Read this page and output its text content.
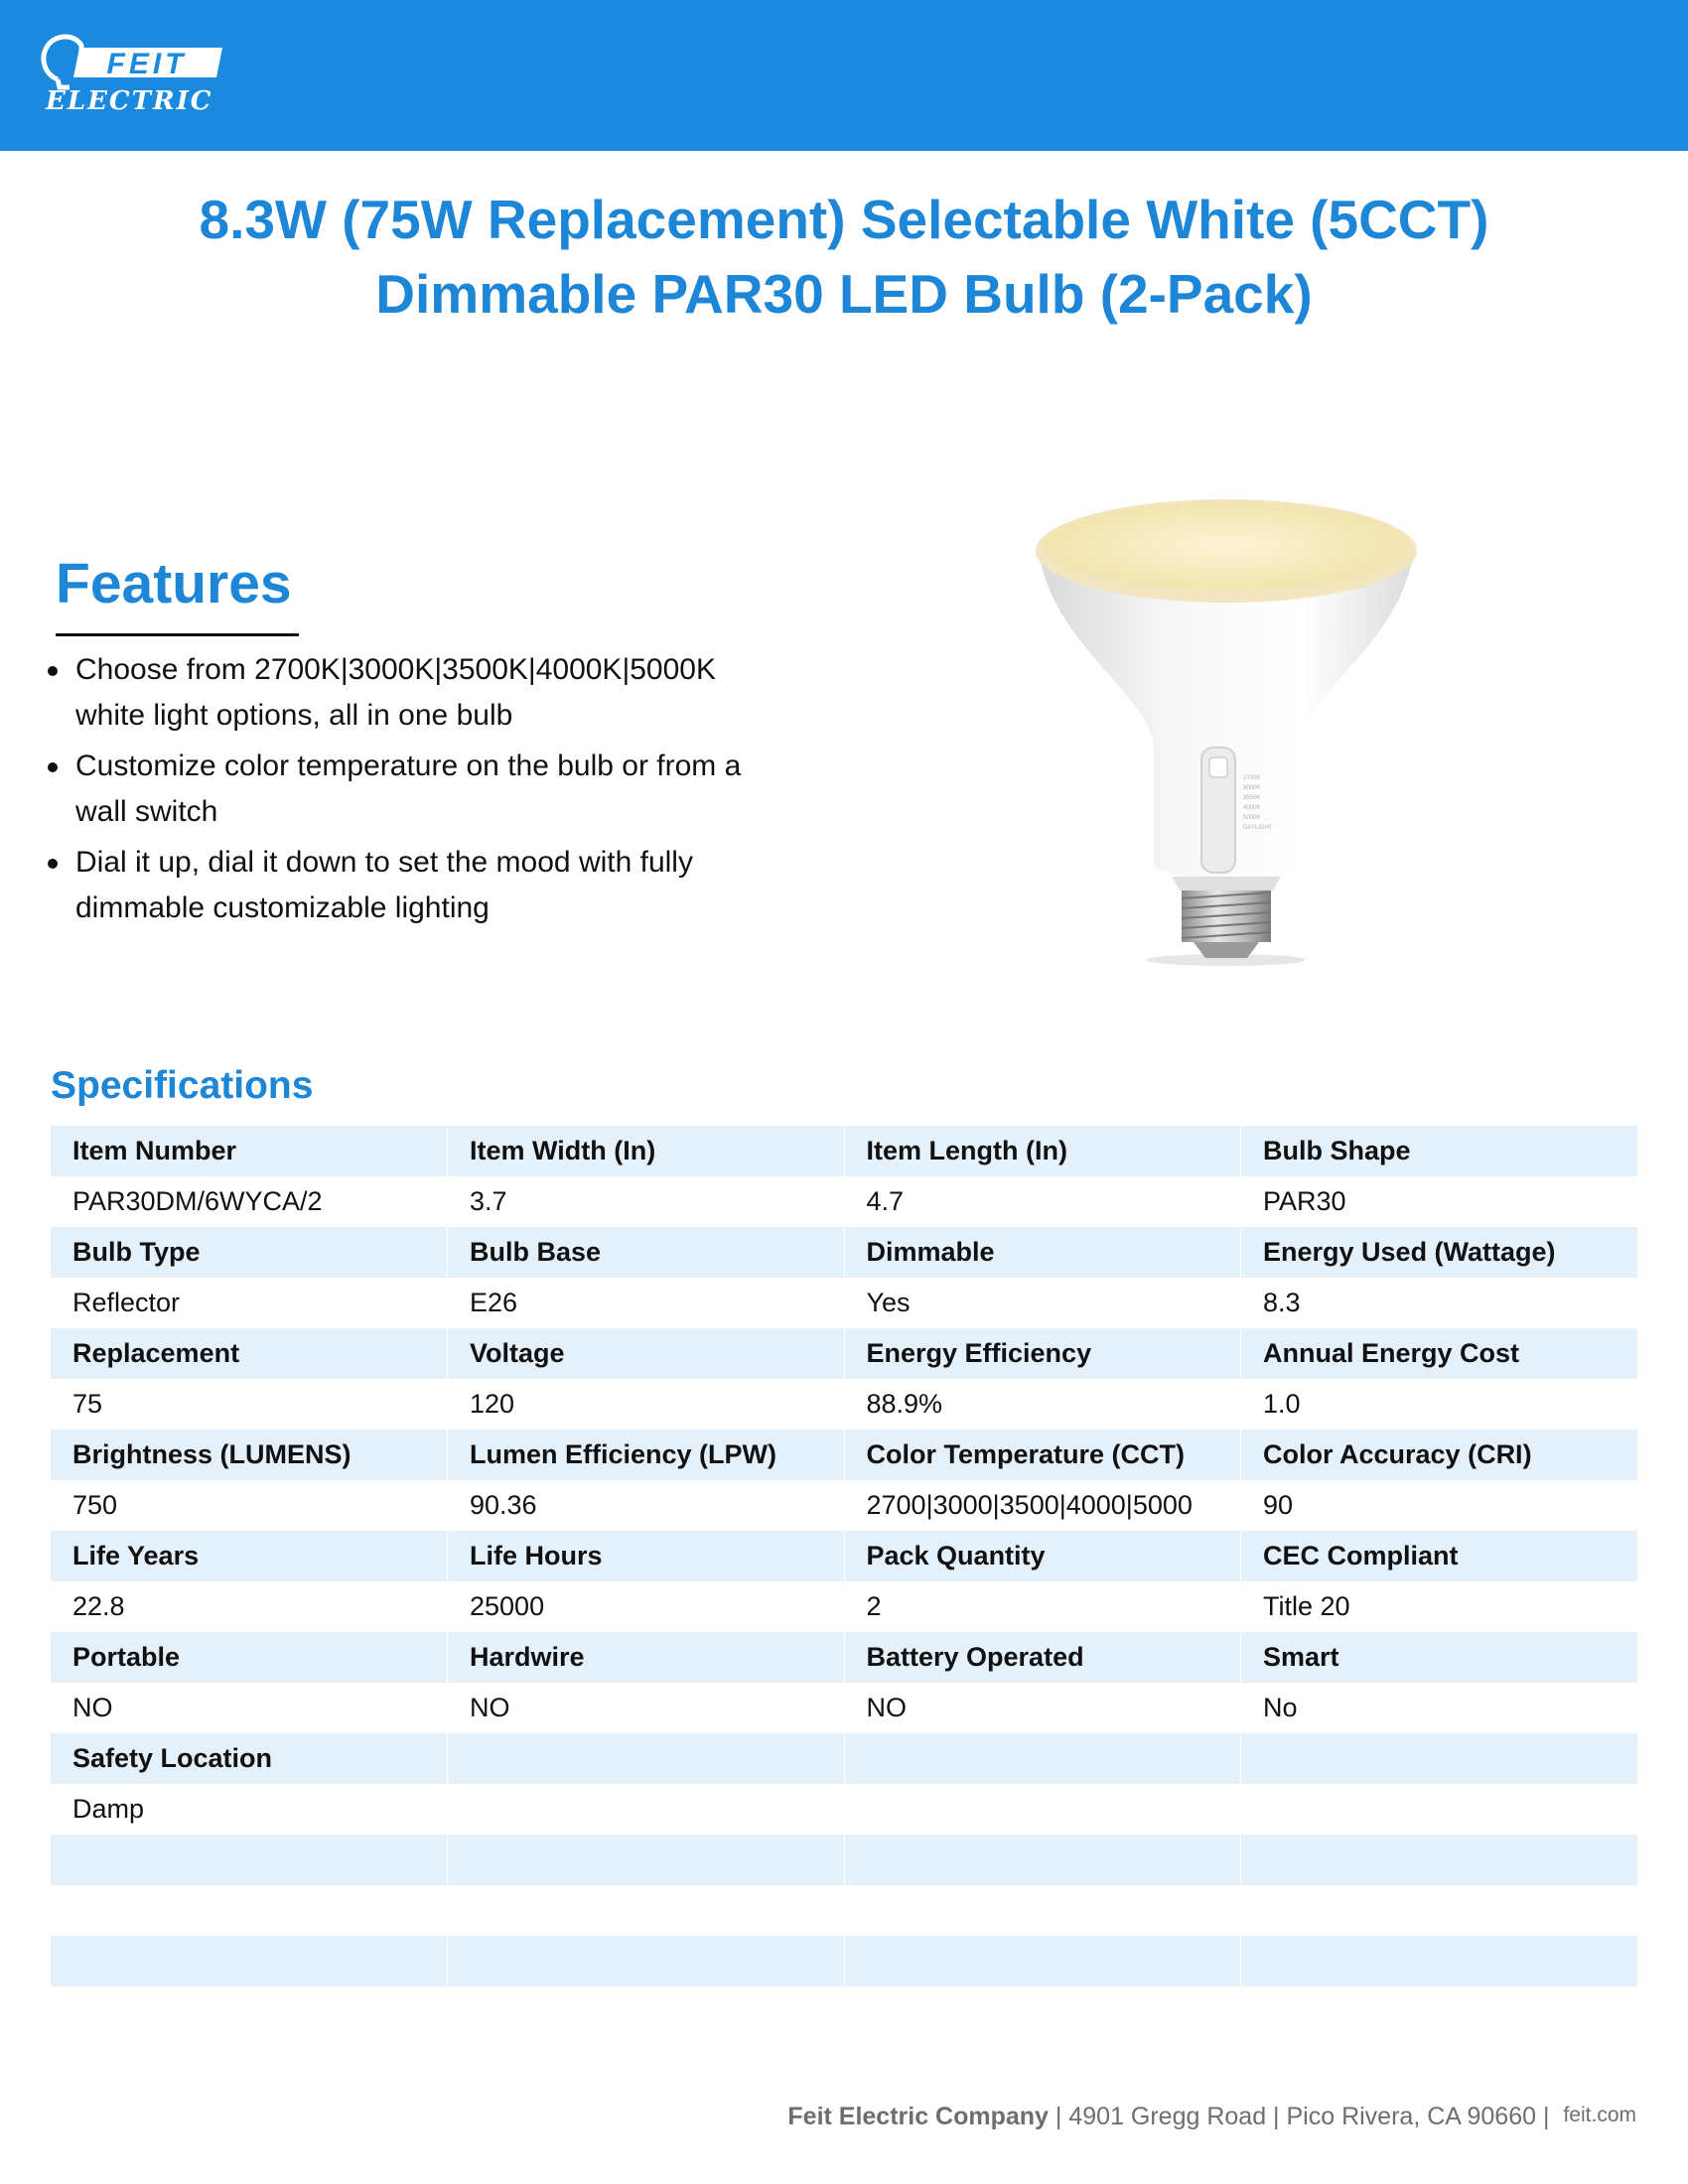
FEIT
ELECTRIC
8.3W (75W Replacement) Selectable White (5CCT)
Dimmable PAR30 LED Bulb (2-Pack)
Features
Choose from 2700K|3000K|3500K|4000K|5000K
white light options, all in one bulb
Customize color temperature on the bulb or from a
wall switch
Dial it up, dial it down to set the mood with fully
dimmable customizable lighting
2700K
3000K
3500K
4000K
5000K
DAYLIGHT
Specifications
Item Number	Item Width (In)	Item Length (In)	Bulb Shape
PAR30DM/6WYCA/2	3.7	4.7	PAR30
Bulb Type	Bulb Base	Dimmable	Energy Used (Wattage)
Reflector	E26	Yes	8.3
Replacement	Voltage	Energy Efficiency	Annual Energy Cost
75	120	88.9%	1.0
Brightness (LUMENS)	Lumen Efficiency (LPW)	Color Temperature (CCT)	Color Accuracy (CRI)
750	90.36	2700|3000|3500|4000|5000	90
Life Years	Life Hours	Pack Quantity	CEC Compliant
22.8	25000	2	Title 20
Portable	Hardwire	Battery Operated	Smart
NO	NO	NO	No
Safety Location			
Damp			

Feit Electric Company | 4901 Gregg Road | Pico Rivera, CA 90660 | feit.com
